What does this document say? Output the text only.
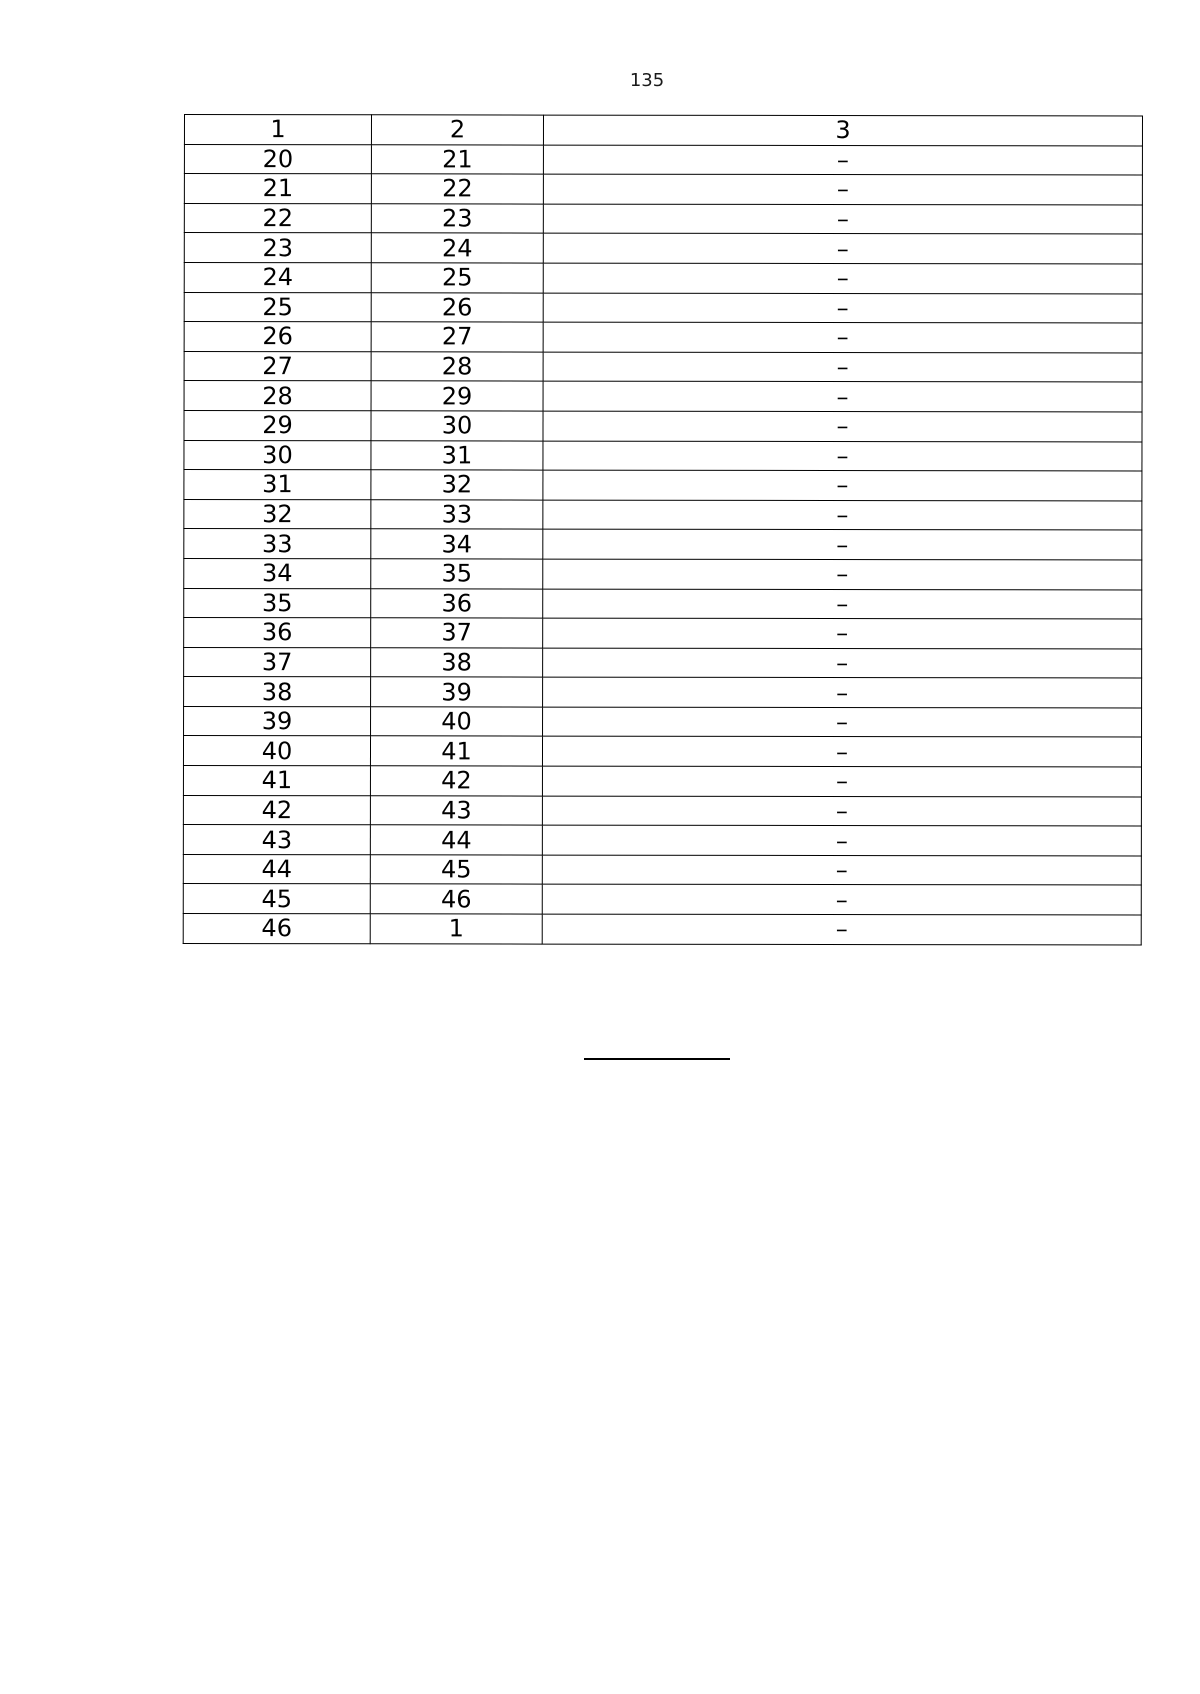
135
1	2	3
20	21	–
21	22	–
22	23	–
23	24	–
24	25	–
25	26	–
26	27	–
27	28	–
28	29	–
29	30	–
30	31	–
31	32	–
32	33	–
33	34	–
34	35	–
35	36	–
36	37	–
37	38	–
38	39	–
39	40	–
40	41	–
41	42	–
42	43	–
43	44	–
44	45	–
45	46	–
46	1	–
